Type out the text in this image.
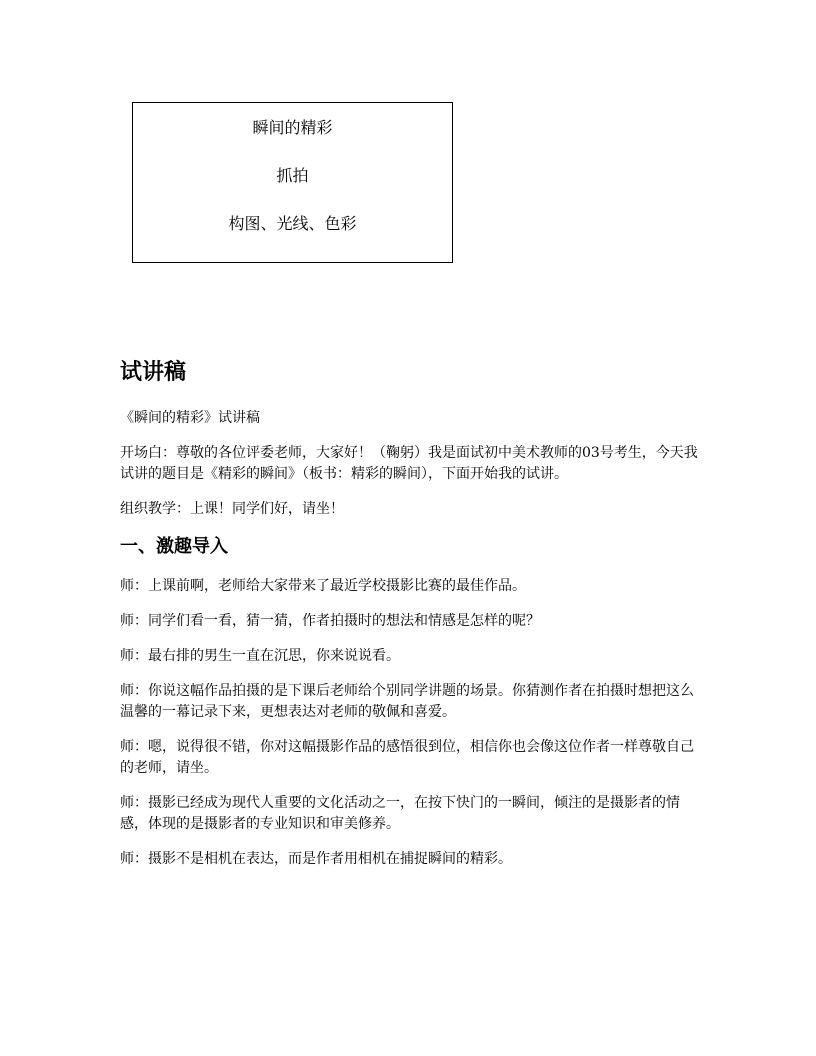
瞬间的精彩
抓拍
构图、光线、色彩
试讲稿

《瞬间的精彩》试讲稿

开场白：尊敬的各位评委老师，大家好！（鞠躬）我是面试初中美术教师的03号考生，今天我试讲的题目是《精彩的瞬间》（板书：精彩的瞬间），下面开始我的试讲。

组织教学：上课！同学们好，请坐！

一、激趣导入

师：上课前啊，老师给大家带来了最近学校摄影比赛的最佳作品。

师：同学们看一看，猜一猜，作者拍摄时的想法和情感是怎样的呢？

师：最右排的男生一直在沉思，你来说说看。

师：你说这幅作品拍摄的是下课后老师给个别同学讲题的场景。你猜测作者在拍摄时想把这么温馨的一幕记录下来，更想表达对老师的敬佩和喜爱。

师：嗯，说得很不错，你对这幅摄影作品的感悟很到位，相信你也会像这位作者一样尊敬自己的老师，请坐。

师：摄影已经成为现代人重要的文化活动之一，在按下快门的一瞬间，倾注的是摄影者的情感，体现的是摄影者的专业知识和审美修养。

师：摄影不是相机在表达，而是作者用相机在捕捉瞬间的精彩。
